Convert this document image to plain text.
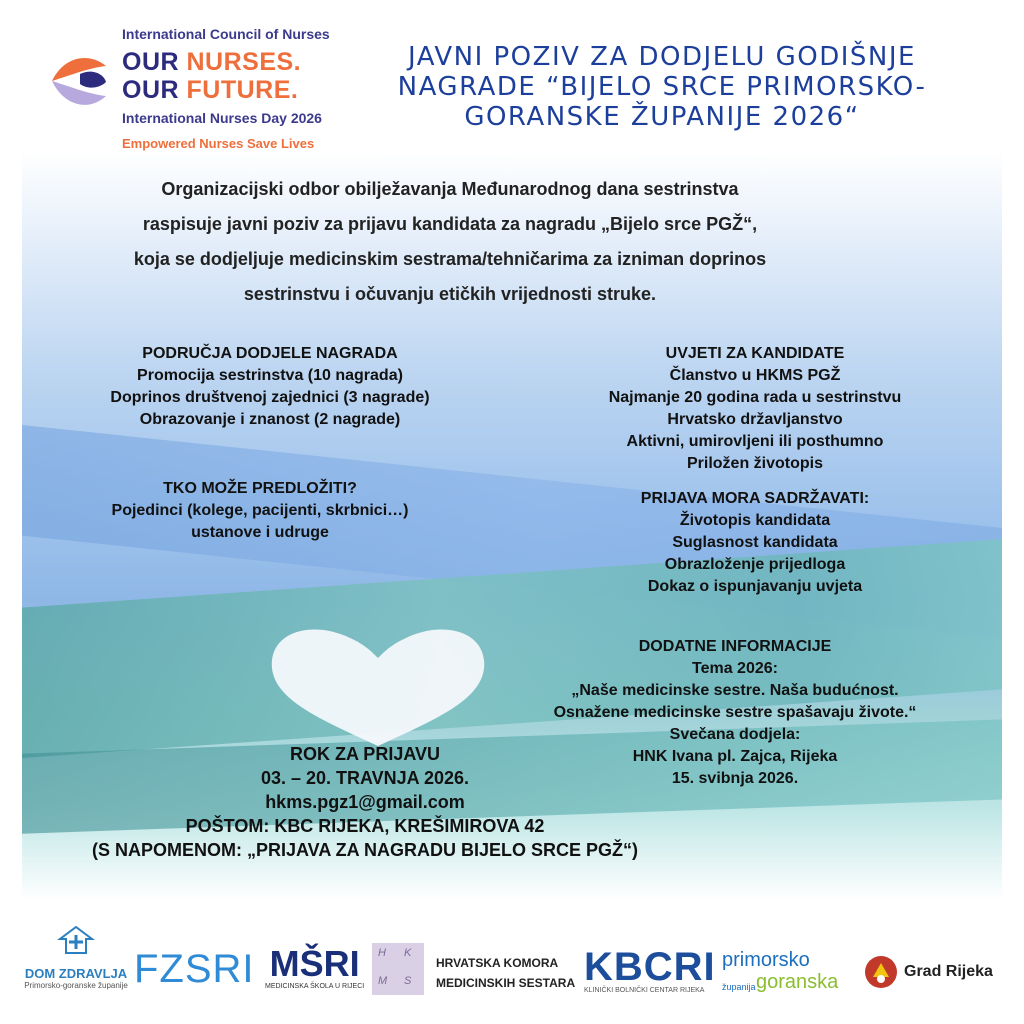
International Council of Nurses
OUR NURSES.
OUR FUTURE.
International Nurses Day 2026
Empowered Nurses Save Lives
JAVNI POZIV ZA DODJELU GODIŠNJE NAGRADE “BIJELO SRCE PRIMORSKO-GORANSKE ŽUPANIJE 2026“
Organizacijski odbor obilježavanja Međunarodnog dana sestrinstva
raspisuje javni poziv za prijavu kandidata za nagradu „Bijelo srce PGŽ“,
koja se dodjeljuje medicinskim sestrama/tehničarima za izniman doprinos
sestrinstvu i očuvanju etičkih vrijednosti struke.
PODRUČJA DODJELE NAGRADA
Promocija sestrinstva (10 nagrada)
Doprinos društvenoj zajednici (3 nagrade)
Obrazovanje i znanost (2 nagrade)
TKO MOŽE PREDLOŽITI?
Pojedinci (kolege, pacijenti, skrbnici…)
ustanove i udruge
UVJETI ZA KANDIDATE
Članstvo u HKMS PGŽ
Najmanje 20 godina rada u sestrinstvu
Hrvatsko državljanstvo
Aktivni, umirovljeni ili posthumno
Priložen životopis
PRIJAVA MORA SADRŽAVATI:
Životopis kandidata
Suglasnost kandidata
Obrazloženje prijedloga
Dokaz o ispunjavanju uvjeta
DODATNE INFORMACIJE
Tema 2026:
„Naše medicinske sestre. Naša budućnost.
Osnažene medicinske sestre spašavaju živote.“
Svečana dodjela:
HNK Ivana pl. Zajca, Rijeka
15. svibnja 2026.
ROK ZA PRIJAVU
03. – 20. TRAVNJA 2026.
hkms.pgz1@gmail.com
POŠTOM: KBC RIJEKA, KREŠIMIROVA 42
(S NAPOMENOM: „PRIJAVA ZA NAGRADU BIJELO SRCE PGŽ“)
DOM ZDRAVLJA
Primorsko-goranske županije FZSRI MŠRI
MEDICINSKA ŠKOLA U RIJECI
H K
M S
HRVATSKA KOMORA
MEDICINSKIH SESTARA KBCRI
KLINIČKI BOLNIČKI CENTAR RIJEKA
primorsko
goranska
županija
Grad Rijeka
